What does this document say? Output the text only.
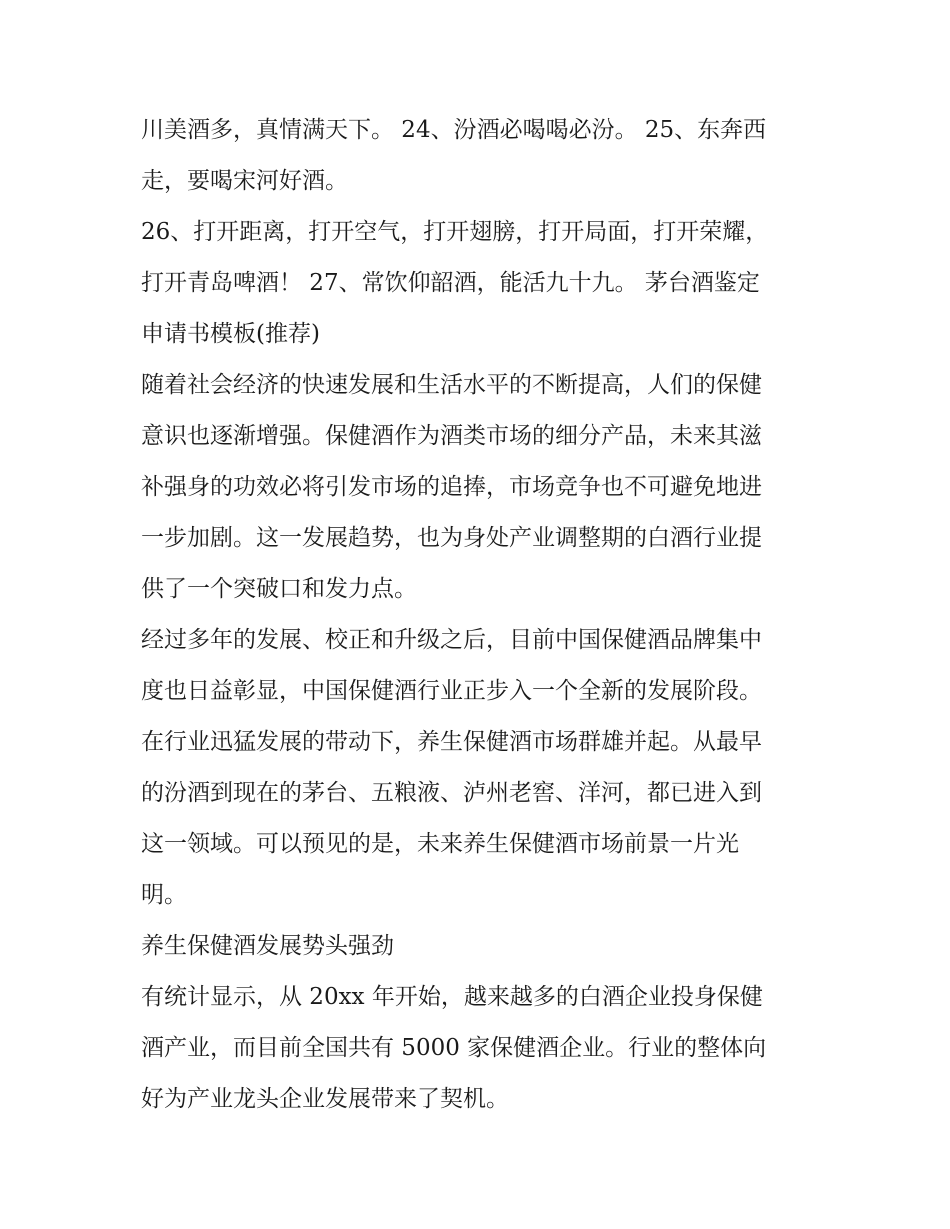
川美酒多，真情满天下。 24、汾酒必喝喝必汾。 25、东奔西
走，要喝宋河好酒。

26、打开距离，打开空气，打开翅膀，打开局面，打开荣耀，
打开青岛啤酒！ 27、常饮仰韶酒，能活九十九。 茅台酒鉴定
申请书模板(推荐)

随着社会经济的快速发展和生活水平的不断提高，人们的保健
意识也逐渐增强。保健酒作为酒类市场的细分产品，未来其滋
补强身的功效必将引发市场的追捧，市场竞争也不可避免地进
一步加剧。这一发展趋势，也为身处产业调整期的白酒行业提
供了一个突破口和发力点。

经过多年的发展、校正和升级之后，目前中国保健酒品牌集中
度也日益彰显，中国保健酒行业正步入一个全新的发展阶段。
在行业迅猛发展的带动下，养生保健酒市场群雄并起。从最早
的汾酒到现在的茅台、五粮液、泸州老窖、洋河，都已进入到
这一领域。可以预见的是，未来养生保健酒市场前景一片光
明。

养生保健酒发展势头强劲

有统计显示，从 20xx 年开始，越来越多的白酒企业投身保健
酒产业，而目前全国共有 5000 家保健酒企业。行业的整体向
好为产业龙头企业发展带来了契机。
